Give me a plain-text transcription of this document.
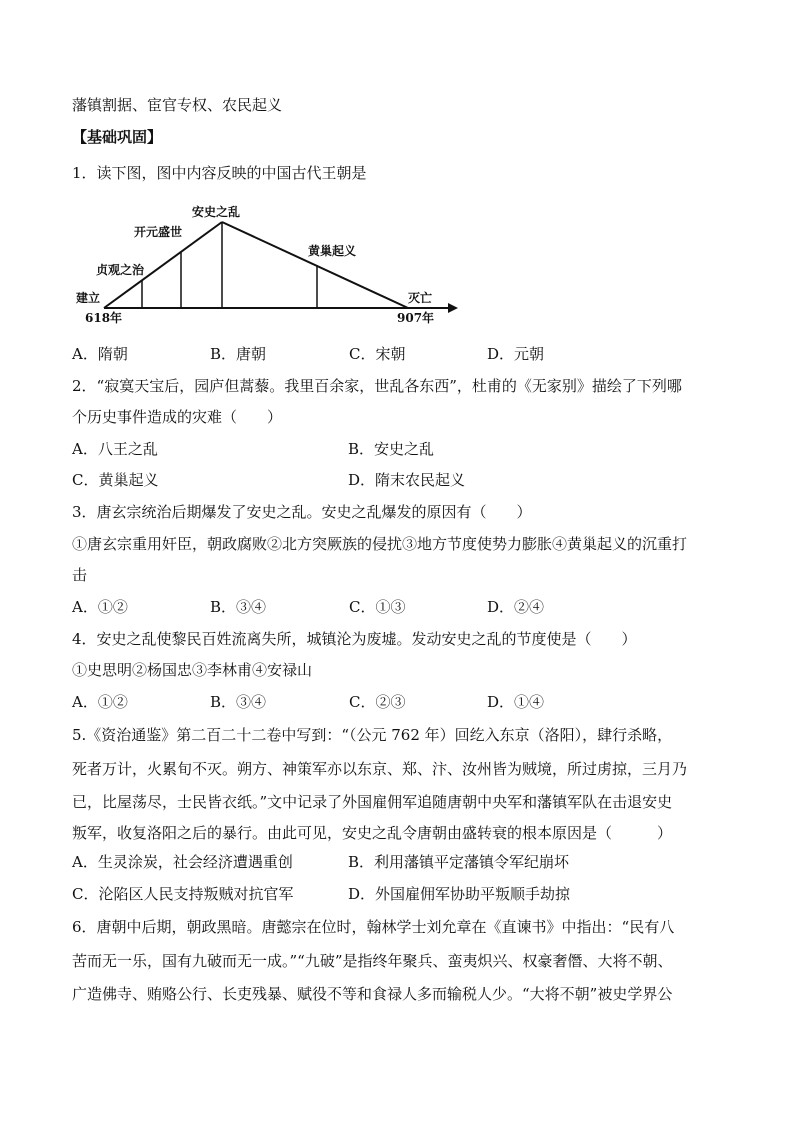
藩镇割据、宦官专权、农民起义
【基础巩固】
1．读下图，图中内容反映的中国古代王朝是
建立
618年
灭亡
907年
贞观之治
开元盛世
安史之乱
黄巢起义
A．隋朝	B．唐朝	C．宋朝	D．元朝
2．“寂寞天宝后，园庐但蒿藜。我里百余家，世乱各东西”，杜甫的《无家别》描绘了下列哪
个历史事件造成的灾难（　　）
A．八王之乱	B．安史之乱
C．黄巢起义	D．隋末农民起义
3．唐玄宗统治后期爆发了安史之乱。安史之乱爆发的原因有（　　）
①唐玄宗重用奸臣，朝政腐败②北方突厥族的侵扰③地方节度使势力膨胀④黄巢起义的沉重打
击
A．①②	B．③④	C．①③	D．②④
4．安史之乱使黎民百姓流离失所，城镇沦为废墟。发动安史之乱的节度使是（　　）
①史思明②杨国忠③李林甫④安禄山
A．①②	B．③④	C．②③	D．①④
5.《资治通鉴》第二百二十二卷中写到：“（公元 762 年）回纥入东京（洛阳），肆行杀略，
死者万计，火累旬不灭。朔方、神策军亦以东京、郑、汴、汝州皆为贼境，所过虏掠，三月乃
已，比屋荡尽，士民皆衣纸。”文中记录了外国雇佣军追随唐朝中央军和藩镇军队在击退安史
叛军，收复洛阳之后的暴行。由此可见，安史之乱令唐朝由盛转衰的根本原因是（　　　）
A．生灵涂炭，社会经济遭遇重创	B．利用藩镇平定藩镇令军纪崩坏
C．沦陷区人民支持叛贼对抗官军	D．外国雇佣军协助平叛顺手劫掠
6．唐朝中后期，朝政黑暗。唐懿宗在位时，翰林学士刘允章在《直谏书》中指出：“民有八
苦而无一乐，国有九破而无一成。”“九破”是指终年聚兵、蛮夷炽兴、权豪奢僭、大将不朝、
广造佛寺、贿赂公行、长吏残暴、赋役不等和食禄人多而输税人少。“大将不朝”被史学界公
